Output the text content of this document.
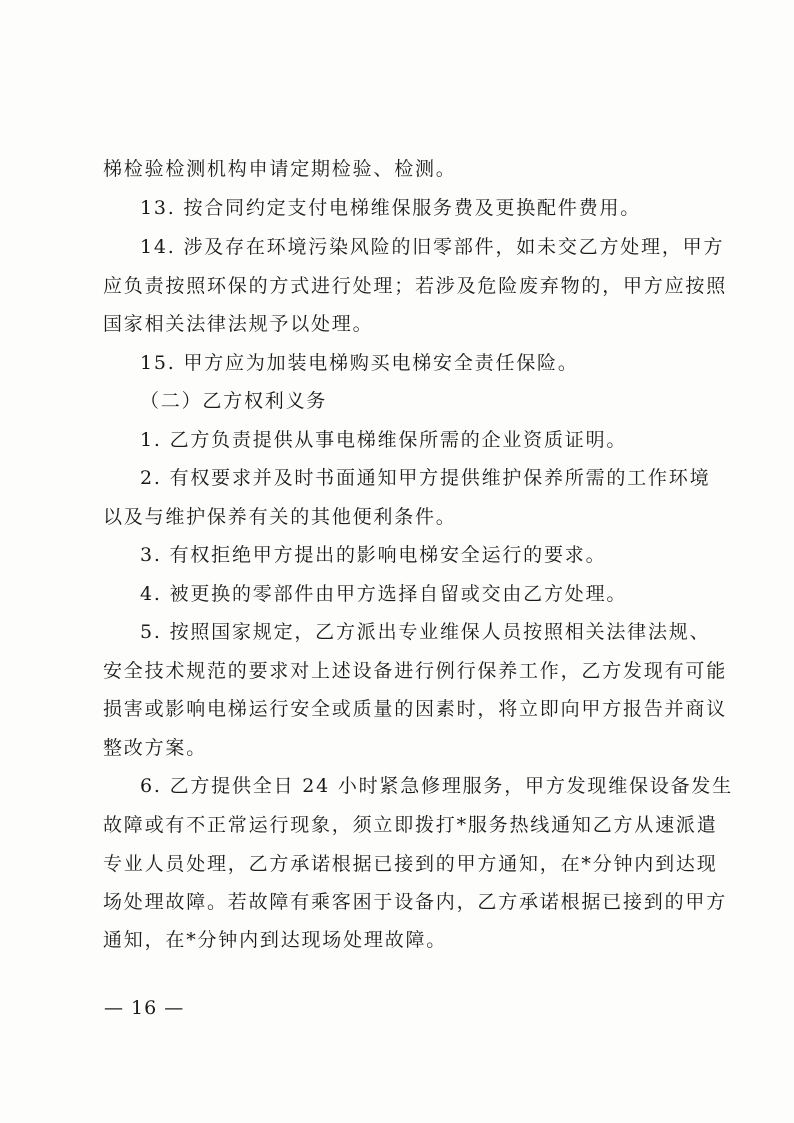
梯检验检测机构申请定期检验、检测。
13. 按合同约定支付电梯维保服务费及更换配件费用。
14. 涉及存在环境污染风险的旧零部件，如未交乙方处理，甲方
应负责按照环保的方式进行处理；若涉及危险废弃物的，甲方应按照
国家相关法律法规予以处理。
15. 甲方应为加装电梯购买电梯安全责任保险。
（二）乙方权利义务
1. 乙方负责提供从事电梯维保所需的企业资质证明。
2. 有权要求并及时书面通知甲方提供维护保养所需的工作环境
以及与维护保养有关的其他便利条件。
3. 有权拒绝甲方提出的影响电梯安全运行的要求。
4. 被更换的零部件由甲方选择自留或交由乙方处理。
5. 按照国家规定，乙方派出专业维保人员按照相关法律法规、
安全技术规范的要求对上述设备进行例行保养工作，乙方发现有可能
损害或影响电梯运行安全或质量的因素时，将立即向甲方报告并商议
整改方案。
6. 乙方提供全日 24 小时紧急修理服务，甲方发现维保设备发生
故障或有不正常运行现象，须立即拨打*服务热线通知乙方从速派遣
专业人员处理，乙方承诺根据已接到的甲方通知，在*分钟内到达现
场处理故障。若故障有乘客困于设备内，乙方承诺根据已接到的甲方
通知，在*分钟内到达现场处理故障。
— 16 —
